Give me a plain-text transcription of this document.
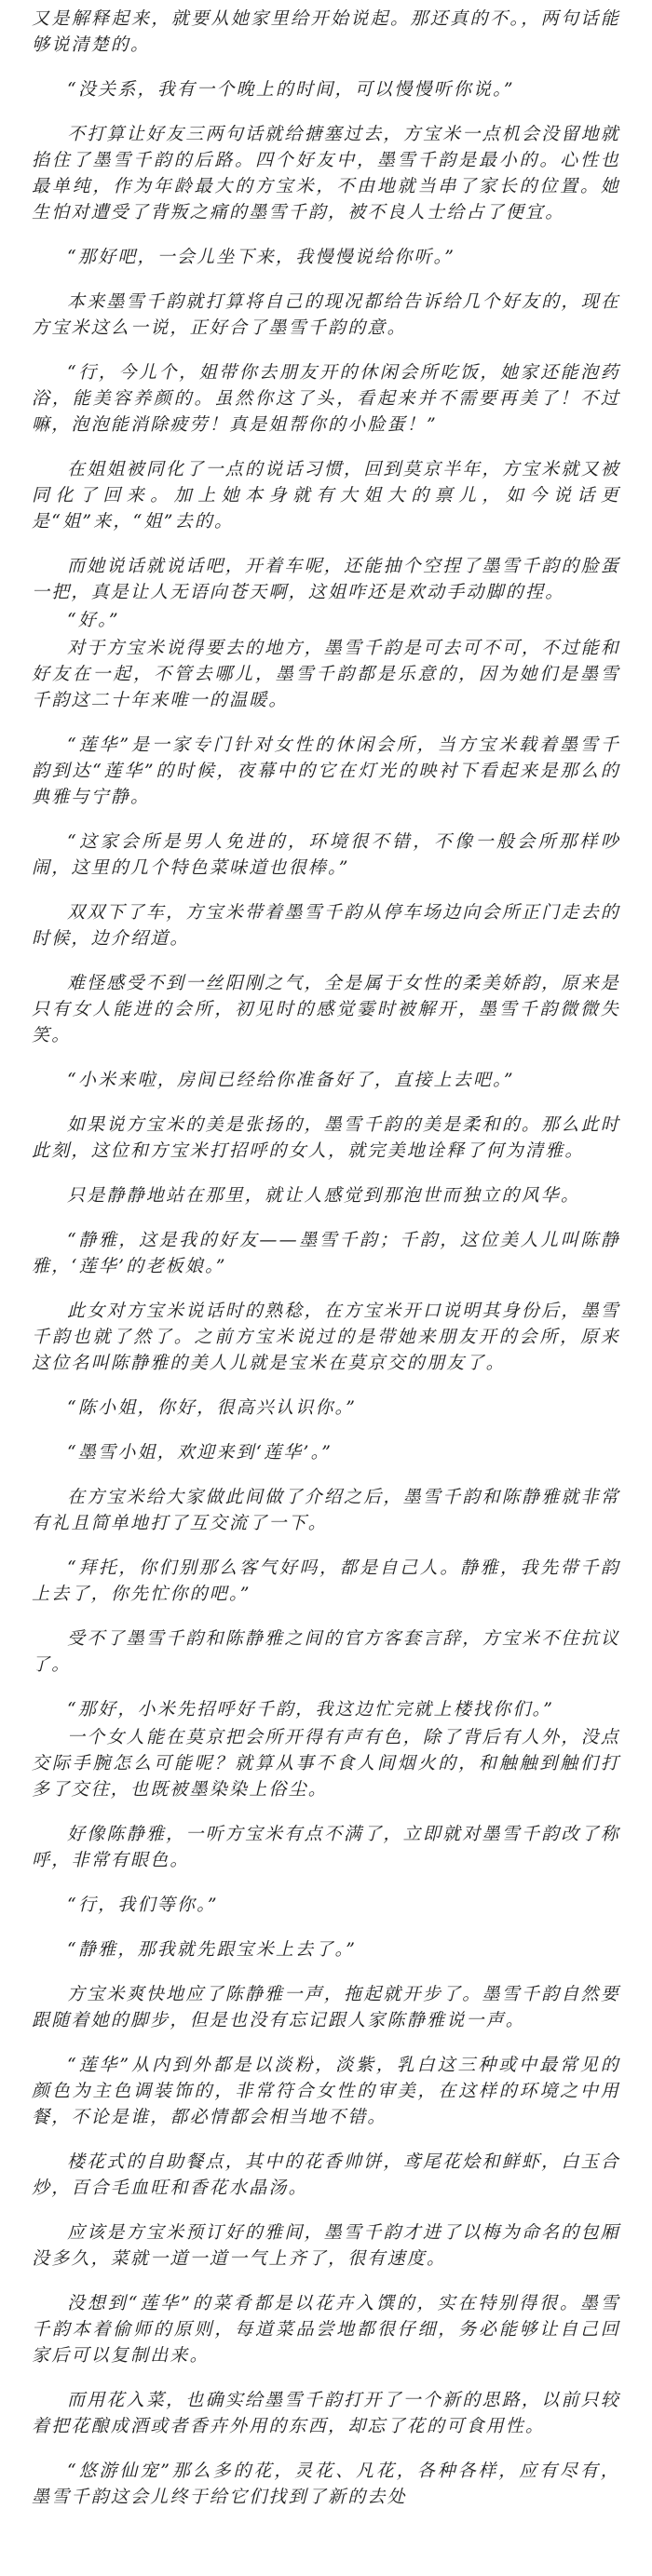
又是解释起来，就要从她家里给开始说起。那还真的不。，两句话能够说清楚的。

“没关系，我有一个晚上的时间，可以慢慢听你说。”

不打算让好友三两句话就给搪塞过去，方宝米一点机会没留地就掐住了墨雪千韵的后路。四个好友中，墨雪千韵是最小的。心性也最单纯，作为年龄最大的方宝米，不由地就当串了家长的位置。她生怕对遭受了背叛之痛的墨雪千韵，被不良人士给占了便宜。

“那好吧，一会儿坐下来，我慢慢说给你听。”

本来墨雪千韵就打算将自己的现况都给告诉给几个好友的，现在方宝米这么一说，正好合了墨雪千韵的意。

“行，今儿个，姐带你去朋友开的休闲会所吃饭，她家还能泡药浴，能美容养颜的。虽然你这了头，看起来并不需要再美了！不过嘛，泡泡能消除疲劳！真是姐帮你的小脸蛋！”

在姐姐被同化了一点的说话习惯，回到莫京半年，方宝米就又被同化了回来。加上她本身就有大姐大的禀儿，如今说话更是“姐”来，“姐”去的。

而她说话就说话吧，开着车呢，还能抽个空捏了墨雪千韵的脸蛋一把，真是让人无语向苍天啊，这姐咋还是欢动手动脚的捏。

“好。”

对于方宝米说得要去的地方，墨雪千韵是可去可不可，不过能和好友在一起，不管去哪儿，墨雪千韵都是乐意的，因为她们是墨雪千韵这二十年来唯一的温暖。

“莲华”是一家专门针对女性的休闲会所，当方宝米载着墨雪千韵到达“莲华”的时候，夜幕中的它在灯光的映衬下看起来是那么的典雅与宁静。

“这家会所是男人免进的，环境很不错，不像一般会所那样吵闹，这里的几个特色菜味道也很棒。”

双双下了车，方宝米带着墨雪千韵从停车场边向会所正门走去的时候，边介绍道。

难怪感受不到一丝阳刚之气，全是属于女性的柔美娇韵，原来是只有女人能进的会所，初见时的感觉霎时被解开，墨雪千韵微微失笑。

“小米来啦，房间已经给你准备好了，直接上去吧。”

如果说方宝米的美是张扬的，墨雪千韵的美是柔和的。那么此时此刻，这位和方宝米打招呼的女人，就完美地诠释了何为清雅。

只是静静地站在那里，就让人感觉到那泡世而独立的风华。

“静雅，这是我的好友——墨雪千韵；千韵，这位美人儿叫陈静雅，‘莲华’的老板娘。”

此女对方宝米说话时的熟稔，在方宝米开口说明其身份后，墨雪千韵也就了然了。之前方宝米说过的是带她来朋友开的会所，原来这位名叫陈静雅的美人儿就是宝米在莫京交的朋友了。

“陈小姐，你好，很高兴认识你。”

“墨雪小姐，欢迎来到‘莲华’。”

在方宝米给大家做此间做了介绍之后，墨雪千韵和陈静雅就非常有礼且简单地打了互交流了一下。

“拜托，你们别那么客气好吗，都是自己人。静雅，我先带千韵上去了，你先忙你的吧。”

受不了墨雪千韵和陈静雅之间的官方客套言辞，方宝米不住抗议了。

“那好，小米先招呼好千韵，我这边忙完就上楼找你们。”

一个女人能在莫京把会所开得有声有色，除了背后有人外，没点交际手腕怎么可能呢？就算从事不食人间烟火的，和触触到触们打多了交往，也既被墨染染上俗尘。

好像陈静雅，一听方宝米有点不满了，立即就对墨雪千韵改了称呼，非常有眼色。

“行，我们等你。”

“静雅，那我就先跟宝米上去了。”

方宝米爽快地应了陈静雅一声，拖起就开步了。墨雪千韵自然要跟随着她的脚步，但是也没有忘记跟人家陈静雅说一声。

“莲华”从内到外都是以淡粉，淡紫，乳白这三种或中最常见的颜色为主色调装饰的，非常符合女性的审美，在这样的环境之中用餐，不论是谁，都必情都会相当地不错。

楼花式的自助餐点，其中的花香帅饼，鸢尾花烩和鲜虾，白玉合炒，百合毛血旺和香花水晶汤。

应该是方宝米预订好的雅间，墨雪千韵才进了以梅为命名的包厢没多久，菜就一道一道一气上齐了，很有速度。

没想到“莲华”的菜肴都是以花卉入馔的，实在特别得很。墨雪千韵本着偷师的原则，每道菜品尝地都很仔细，务必能够让自己回家后可以复制出来。

而用花入菜，也确实给墨雪千韵打开了一个新的思路，以前只较着把花酿成酒或者香卉外用的东西，却忘了花的可食用性。

“悠游仙宠”那么多的花，灵花、凡花，各种各样，应有尽有，墨雪千韵这会儿终于给它们找到了新的去处
